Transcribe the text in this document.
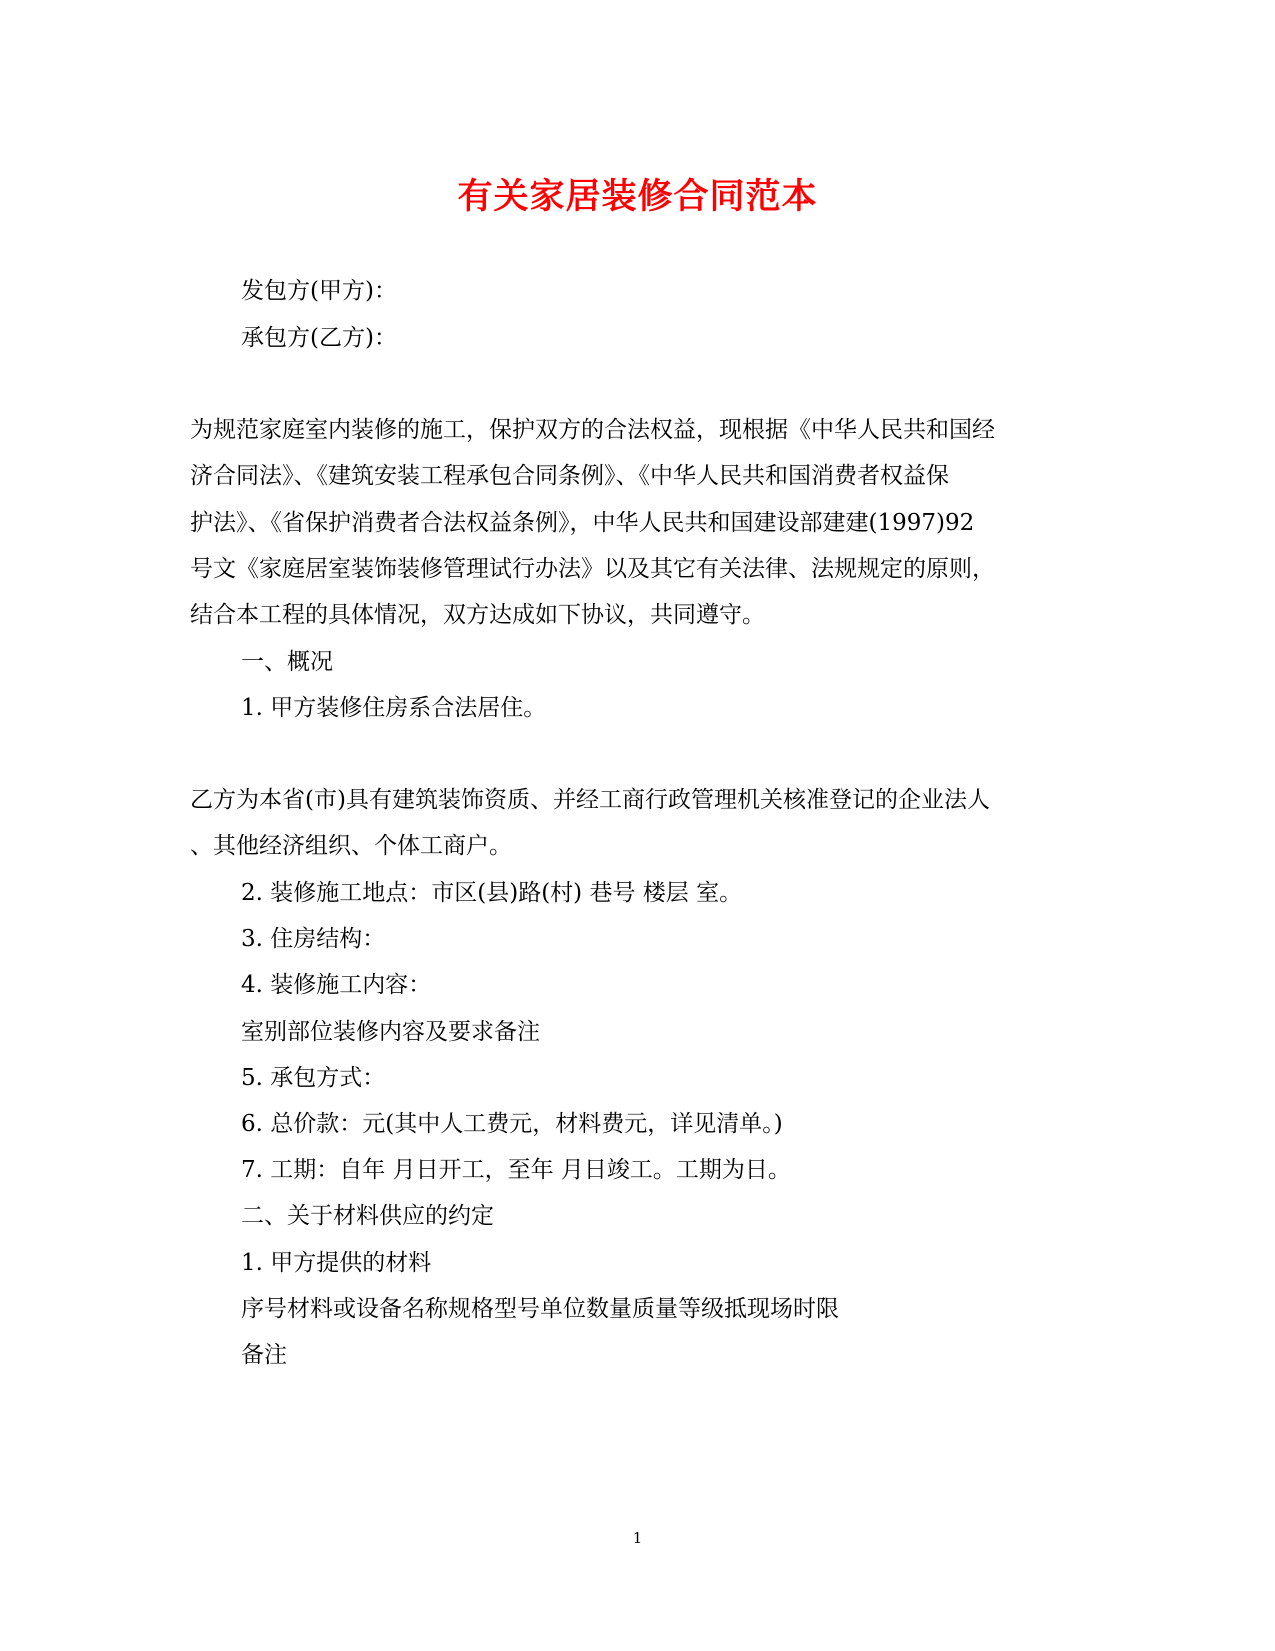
有关家居装修合同范本
发包方(甲方)：
承包方(乙方)：
为规范家庭室内装修的施工，保护双方的合法权益，现根据《中华人民共和国经
济合同法》、《建筑安装工程承包合同条例》、《中华人民共和国消费者权益保
护法》、《省保护消费者合法权益条例》，中华人民共和国建设部建建(1997)92
号文《家庭居室装饰装修管理试行办法》以及其它有关法律、法规规定的原则，
结合本工程的具体情况，双方达成如下协议，共同遵守。
一、概况
1. 甲方装修住房系合法居住。
乙方为本省(市)具有建筑装饰资质、并经工商行政管理机关核准登记的企业法人
、其他经济组织、个体工商户。
2. 装修施工地点：市区(县)路(村) 巷号 楼层 室。
3. 住房结构：
4. 装修施工内容：
室别部位装修内容及要求备注
5. 承包方式：
6. 总价款：元(其中人工费元，材料费元，详见清单。)
7. 工期：自年 月日开工，至年 月日竣工。工期为日。
二、关于材料供应的约定
1. 甲方提供的材料
序号材料或设备名称规格型号单位数量质量等级抵现场时限
备注
1
